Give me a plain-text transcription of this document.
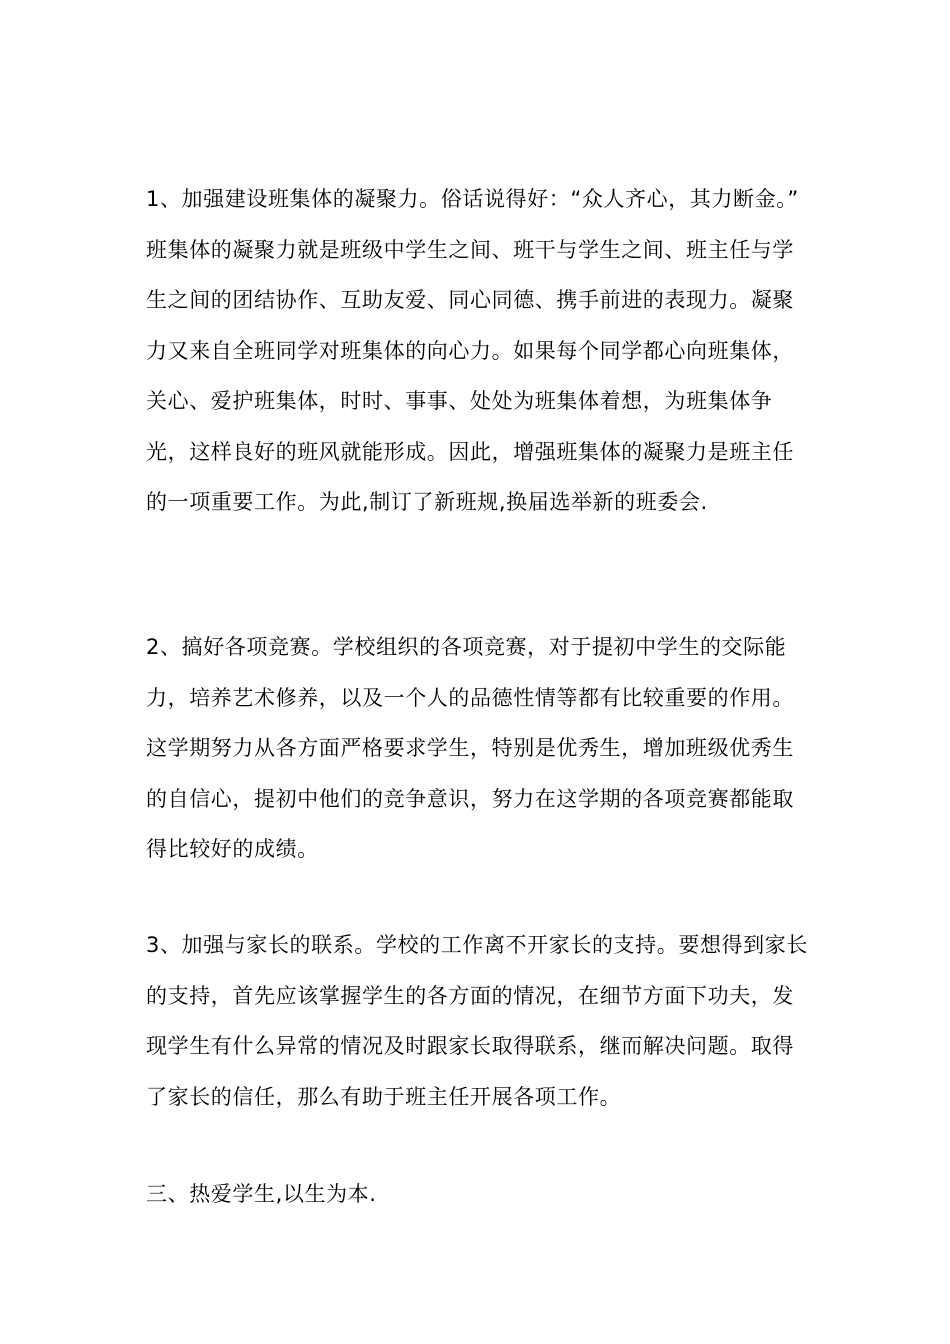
1、加强建设班集体的凝聚力。俗话说得好：“众人齐心，其力断金。”  班集体的凝聚力就是班级中学生之间、班干与学生之间、班主任与学生之间的团结协作、互助友爱、同心同德、携手前进的表现力。凝聚力又来自全班同学对班集体的向心力。如果每个同学都心向班集体，关心、爱护班集体，时时、事事、处处为班集体着想，为班集体争光，这样良好的班风就能形成。因此，增强班集体的凝聚力是班主任的一项重要工作。为此,制订了新班规,换届选举新的班委会.

2、搞好各项竞赛。学校组织的各项竞赛，对于提初中学生的交际能力，培养艺术修养，以及一个人的品德性情等都有比较重要的作用。这学期努力从各方面严格要求学生，特别是优秀生，增加班级优秀生的自信心，提初中他们的竞争意识，努力在这学期的各项竞赛都能取得比较好的成绩。

3、加强与家长的联系。学校的工作离不开家长的支持。要想得到家长的支持，首先应该掌握学生的各方面的情况，在细节方面下功夫，发现学生有什么异常的情况及时跟家长取得联系，继而解决问题。取得了家长的信任，那么有助于班主任开展各项工作。

三、热爱学生,以生为本.
